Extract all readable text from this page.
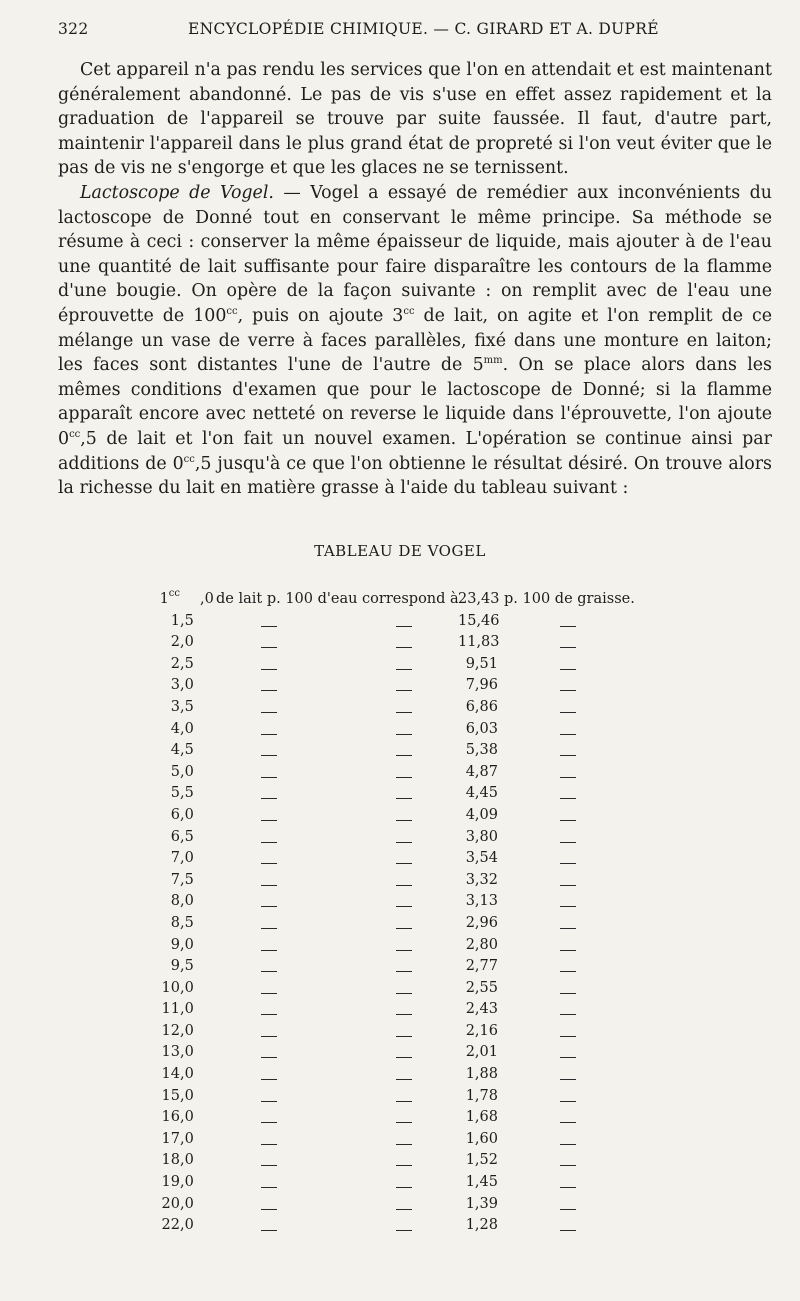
322	ENCYCLOPÉDIE CHIMIQUE. — C. GIRARD ET A. DUPRÉ

Cet appareil n'a pas rendu les services que l'on en attendait et est maintenant généralement abandonné. Le pas de vis s'use en effet assez rapidement et la graduation de l'appareil se trouve par suite faussée. Il faut, d'autre part, maintenir l'appareil dans le plus grand état de propreté si l'on veut éviter que le pas de vis ne s'engorge et que les glaces ne se ternissent.

Lactoscope de Vogel. — Vogel a essayé de remédier aux inconvénients du lactoscope de Donné tout en conservant le même principe. Sa méthode se résume à ceci : conserver la même épaisseur de liquide, mais ajouter à de l'eau une quantité de lait suffisante pour faire disparaître les contours de la flamme d'une bougie. On opère de la façon suivante : on remplit avec de l'eau une éprouvette de $100^{cc}$, puis on ajoute $3^{cc}$ de lait, on agite et l'on remplit de ce mélange un vase de verre à faces parallèles, fixé dans une monture en laiton; les faces sont distantes l'une de l'autre de $5^{mm}$. On se place alors dans les mêmes conditions d'examen que pour le lactoscope de Donné; si la flamme apparaît encore avec netteté on reverse le liquide dans l'éprouvette, l'on ajoute $0^{cc},5$ de lait et l'on fait un nouvel examen. L'opération se continue ainsi par additions de $0^{cc},5$ jusqu'à ce que l'on obtienne le résultat désiré. On trouve alors la richesse du lait en matière grasse à l'aide du tableau suivant :

TABLEAU DE VOGEL
$1^{cc}$ ,0 de lait p. 100 d'eau correspond à 23,43 p. 100 de graisse.
1 ,5	15,46
2 ,0	11,83
2 ,5	9,51
3 ,0	7,96
3 ,5	6,86
4 ,0	6,03
4 ,5	5,38
5 ,0	4,87
5 ,5	4,45
6 ,0	4,09
6 ,5	3,80
7 ,0	3,54
7 ,5	3,32
8 ,0	3,13
8 ,5	2,96
9 ,0	2,80
9 ,5	2,77
10 ,0	2,55
11 ,0	2,43
12 ,0	2,16
13 ,0	2,01
14 ,0	1,88
15 ,0	1,78
16 ,0	1,68
17 ,0	1,60
18 ,0	1,52
19 ,0	1,45
20 ,0	1,39
22 ,0	1,28
